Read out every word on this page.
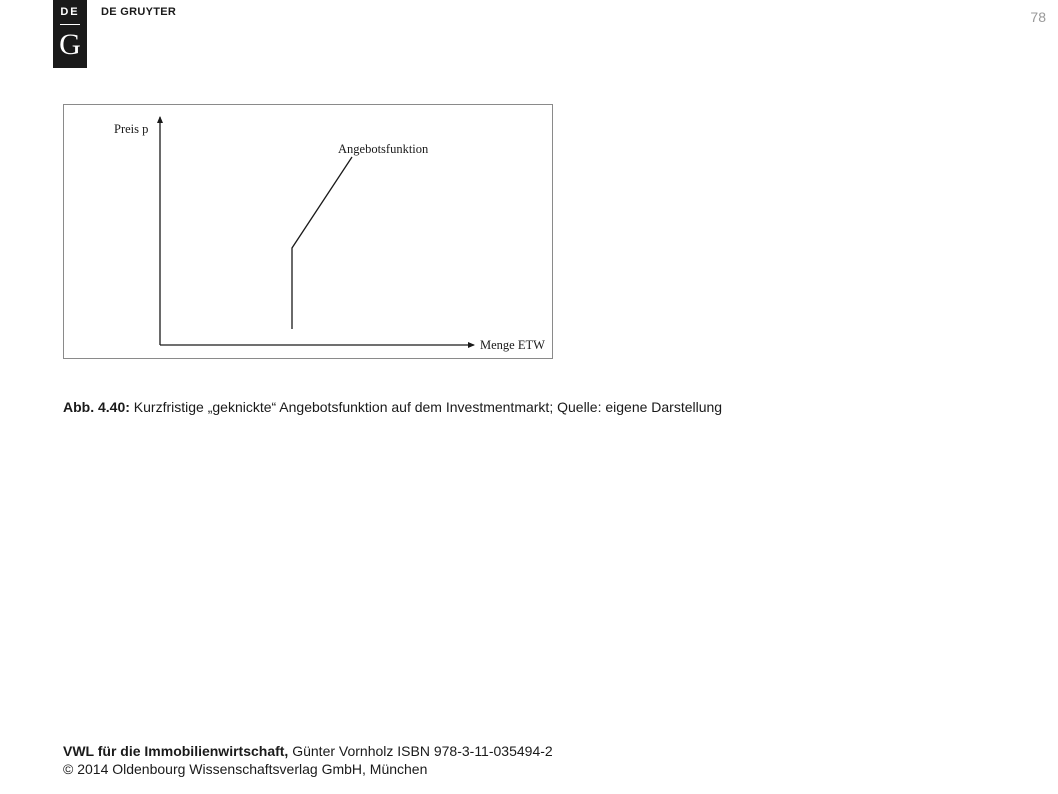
DE
G
DE GRUYTER	78
Preis p
Menge ETW
Angebotsfunktion
Abb. 4.40: Kurzfristige „geknickte“ Angebotsfunktion auf dem Investmentmarkt; Quelle: eigene Darstellung
VWL für die Immobilienwirtschaft, Günter Vornholz ISBN 978-3-11-035494-2
© 2014 Oldenbourg Wissenschaftsverlag GmbH, München
